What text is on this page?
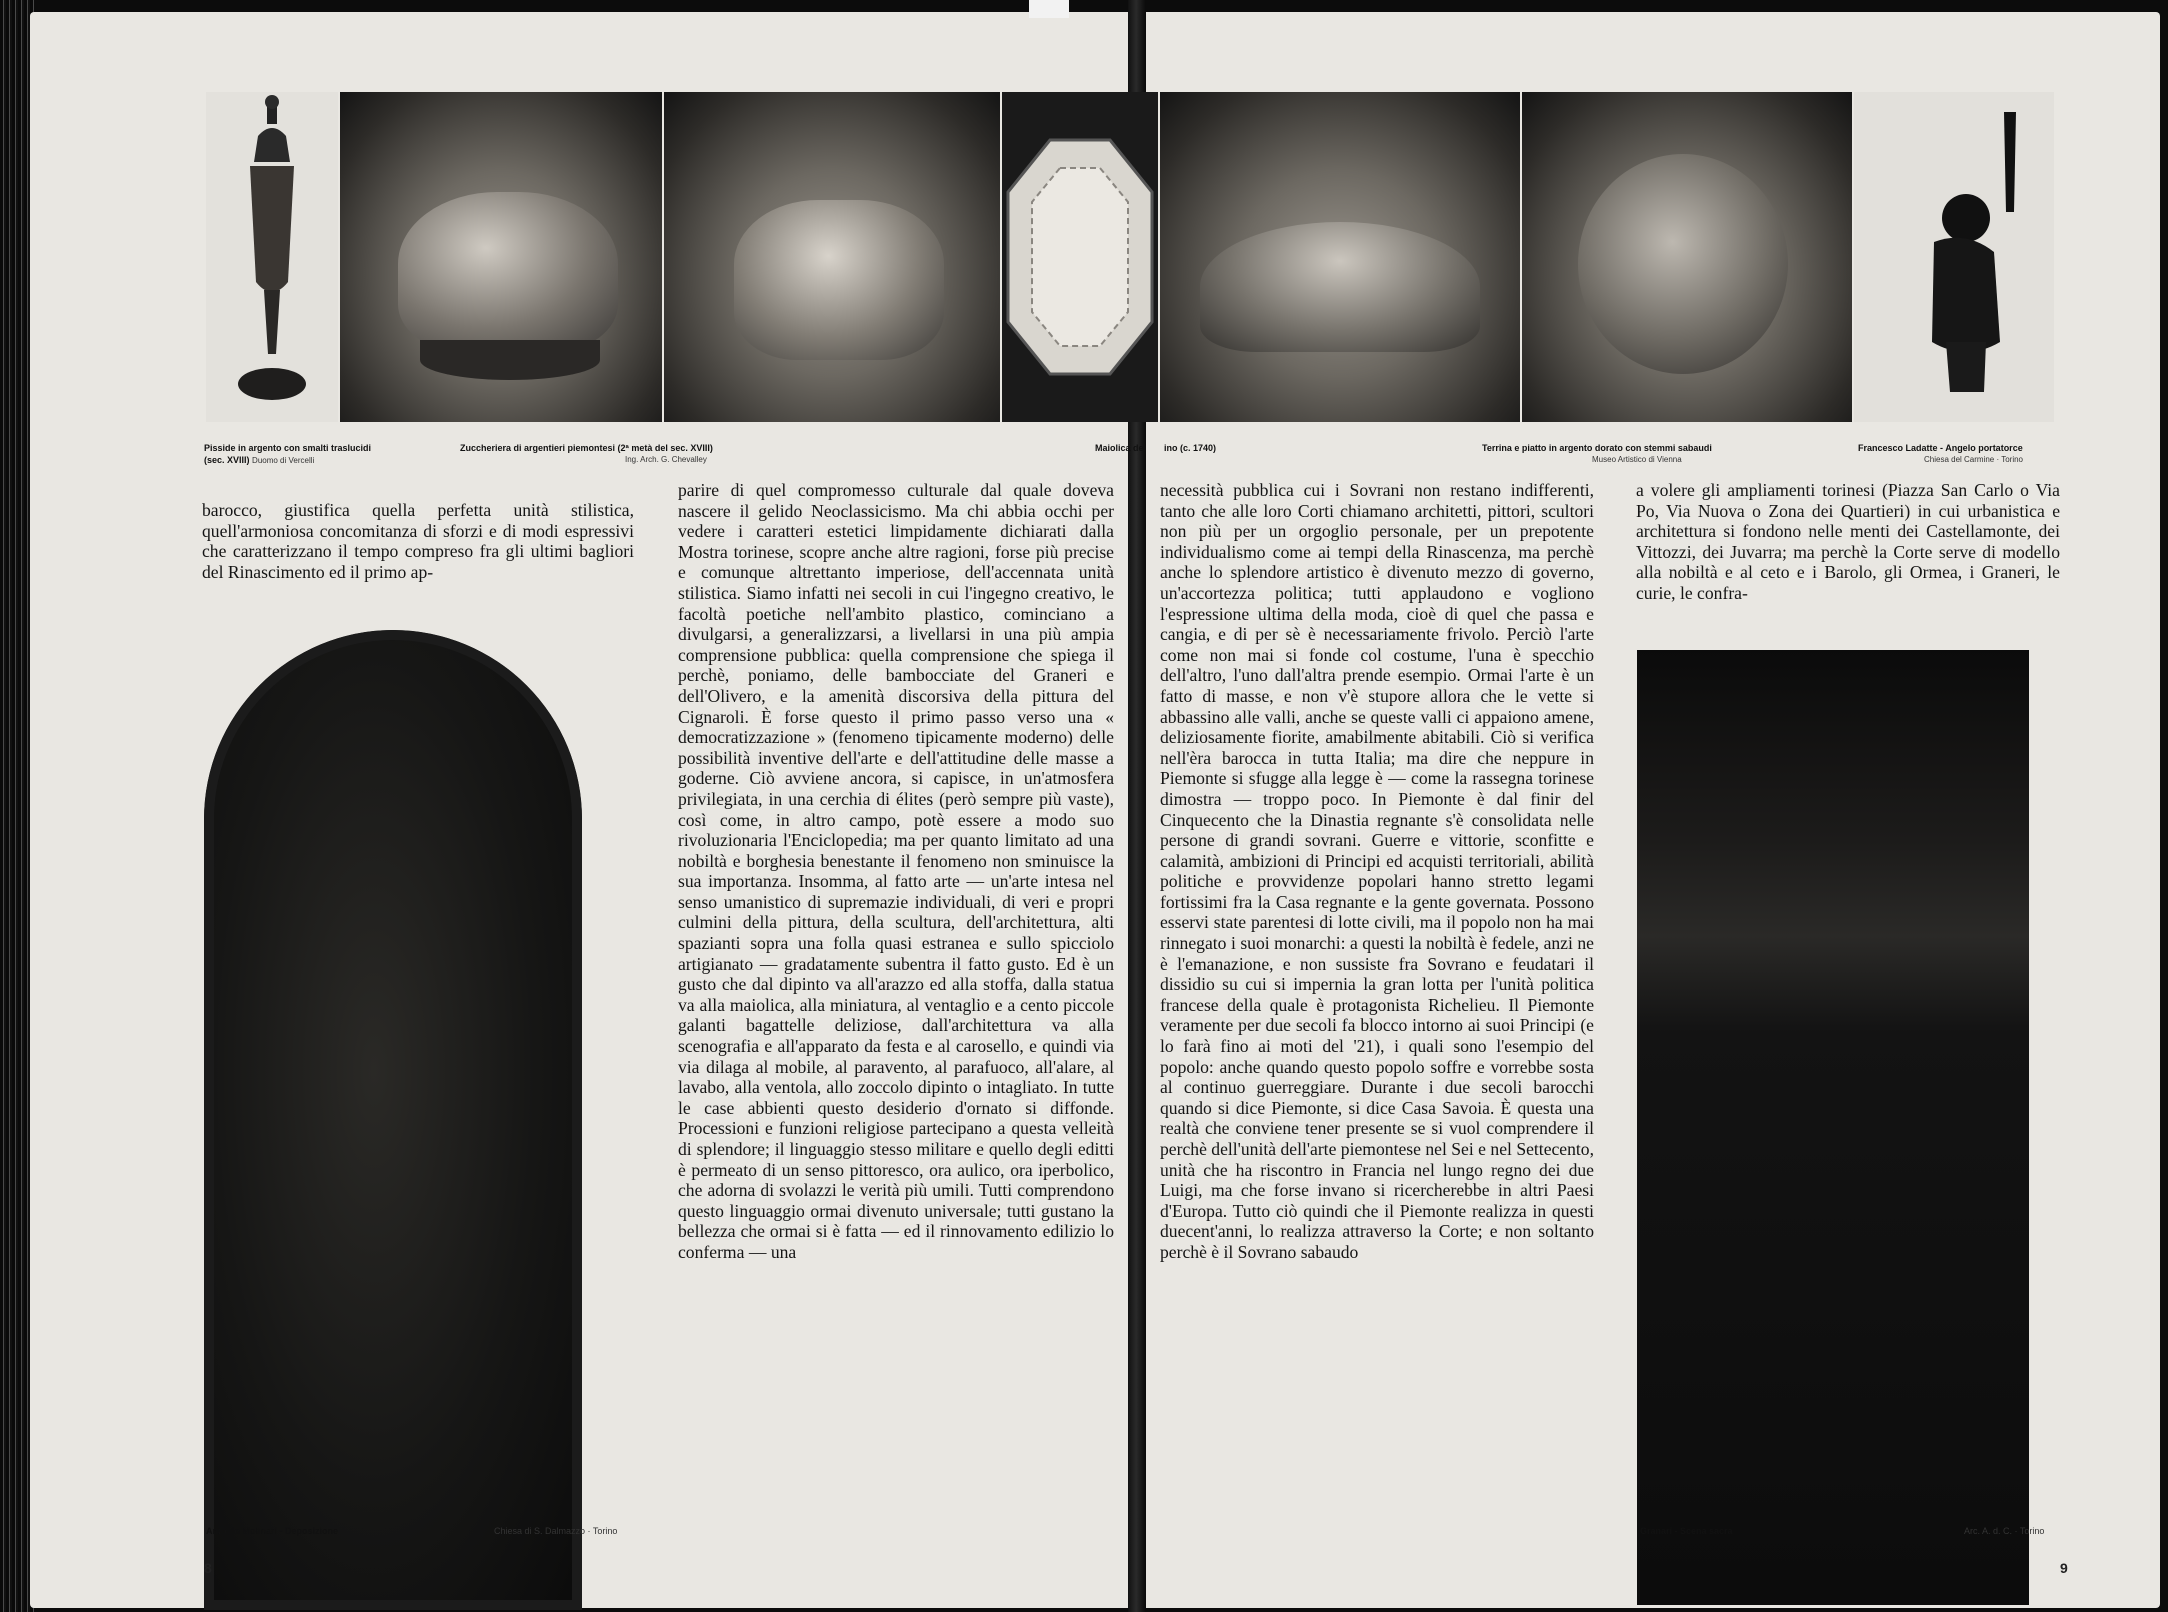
Pisside in argento con smalti traslucidi
(sec. XVIII) Duomo di Vercelli
Zuccheriera di argentieri piemontesi (2ª metà del sec. XVIII)
Ing. Arch. G. Chevalley
Maiolica del ino (c. 1740)	Terrina e piatto in argento dorato con stemmi sabaudi
Museo Artistico di Vienna
Francesco Ladatte - Angelo portatorce
Chiesa del Carmine · Torino

barocco, giustifica quella perfetta unità stilistica, quell'armoniosa concomitanza di sforzi e di modi espressivi che caratterizzano il tempo compreso fra gli ultimi bagliori del Rinascimento ed il primo ap-

parire di quel compromesso culturale dal quale doveva nascere il gelido Neoclassicismo. Ma chi abbia occhi per vedere i caratteri estetici limpidamente dichiarati dalla Mostra torinese, scopre anche altre ragioni, forse più precise e comunque altrettanto imperiose, dell'accennata unità stilistica. Siamo infatti nei secoli in cui l'ingegno creativo, le facoltà poetiche nell'ambito plastico, cominciano a divulgarsi, a generalizzarsi, a livellarsi in una più ampia comprensione pubblica: quella comprensione che spiega il perchè, poniamo, delle bambocciate del Graneri e dell'Olivero, e la amenità discorsiva della pittura del Cignaroli. È forse questo il primo passo verso una « democratizzazione » (fenomeno tipicamente moderno) delle possibilità inventive dell'arte e dell'attitudine delle masse a goderne. Ciò avviene ancora, si capisce, in un'atmosfera privilegiata, in una cerchia di élites (però sempre più vaste), così come, in altro campo, potè essere a modo suo rivoluzionaria l'Enciclopedia; ma per quanto limitato ad una nobiltà e borghesia benestante il fenomeno non sminuisce la sua importanza. Insomma, al fatto arte — un'arte intesa nel senso umanistico di supremazie individuali, di veri e propri culmini della pittura, della scultura, dell'architettura, alti spazianti sopra una folla quasi estranea e sullo spicciolo artigianato — gradatamente subentra il fatto gusto. Ed è un gusto che dal dipinto va all'arazzo ed alla stoffa, dalla statua va alla maiolica, alla miniatura, al ventaglio e a cento piccole galanti bagattelle deliziose, dall'architettura va alla scenografia e all'apparato da festa e al carosello, e quindi via via dilaga al mobile, al paravento, al parafuoco, all'alare, al lavabo, alla ventola, allo zoccolo dipinto o intagliato. In tutte le case abbienti questo desiderio d'ornato si diffonde. Processioni e funzioni religiose partecipano a questa velleità di splendore; il linguaggio stesso militare e quello degli editti è permeato di un senso pittoresco, ora aulico, ora iperbolico, che adorna di svolazzi le verità più umili. Tutti comprendono questo linguaggio ormai divenuto universale; tutti gustano la bellezza che ormai si è fatta — ed il rinnovamento edilizio lo conferma — una

necessità pubblica cui i Sovrani non restano indifferenti, tanto che alle loro Corti chiamano architetti, pittori, scultori non più per un orgoglio personale, per un prepotente individualismo come ai tempi della Rinascenza, ma perchè anche lo splendore artistico è divenuto mezzo di governo, un'accortezza politica; tutti applaudono e vogliono l'espressione ultima della moda, cioè di quel che passa e cangia, e di per sè è necessariamente frivolo. Perciò l'arte come non mai si fonde col costume, l'una è specchio dell'altro, l'uno dall'altra prende esempio. Ormai l'arte è un fatto di masse, e non v'è stupore allora che le vette si abbassino alle valli, anche se queste valli ci appaiono amene, deliziosamente fiorite, amabilmente abitabili. Ciò si verifica nell'èra barocca in tutta Italia; ma dire che neppure in Piemonte si sfugge alla legge è — come la rassegna torinese dimostra — troppo poco. In Piemonte è dal finir del Cinquecento che la Dinastia regnante s'è consolidata nelle persone di grandi sovrani. Guerre e vittorie, sconfitte e calamità, ambizioni di Principi ed acquisti territoriali, abilità politiche e provvidenze popolari hanno stretto legami fortissimi fra la Casa regnante e la gente governata. Possono esservi state parentesi di lotte civili, ma il popolo non ha mai rinnegato i suoi monarchi: a questi la nobiltà è fedele, anzi ne è l'emanazione, e non sussiste fra Sovrano e feudatari il dissidio su cui si impernia la gran lotta per l'unità politica francese della quale è protagonista Richelieu. Il Piemonte veramente per due secoli fa blocco intorno ai suoi Principi (e lo farà fino ai moti del '21), i quali sono l'esempio del popolo: anche quando questo popolo soffre e vorrebbe sosta al continuo guerreggiare. Durante i due secoli barocchi quando si dice Piemonte, si dice Casa Savoia. È questa una realtà che conviene tener presente se si vuol comprendere il perchè dell'unità dell'arte piemontese nel Sei e nel Settecento, unità che ha riscontro in Francia nel lungo regno dei due Luigi, ma che forse invano si ricercherebbe in altri Paesi d'Europa. Tutto ciò quindi che il Piemonte realizza in questi duecent'anni, lo realizza attraverso la Corte; e non soltanto perchè è il Sovrano sabaudo

a volere gli ampliamenti torinesi (Piazza San Carlo o Via Po, Via Nuova o Zona dei Quartieri) in cui urbanistica e architettura si fondono nelle menti dei Castellamonte, dei Vittozzi, dei Juvarra; ma perchè la Corte serve di modello alla nobiltà e al ceto e i Barolo, gli Ormea, i Graneri, le curie, le confra-

Antonio Molinari - Deposizione	Chiesa di S. Dalmazzo · Torino	Granari - Scena sacra	Arc. A. d. C. · Torino
8	9
